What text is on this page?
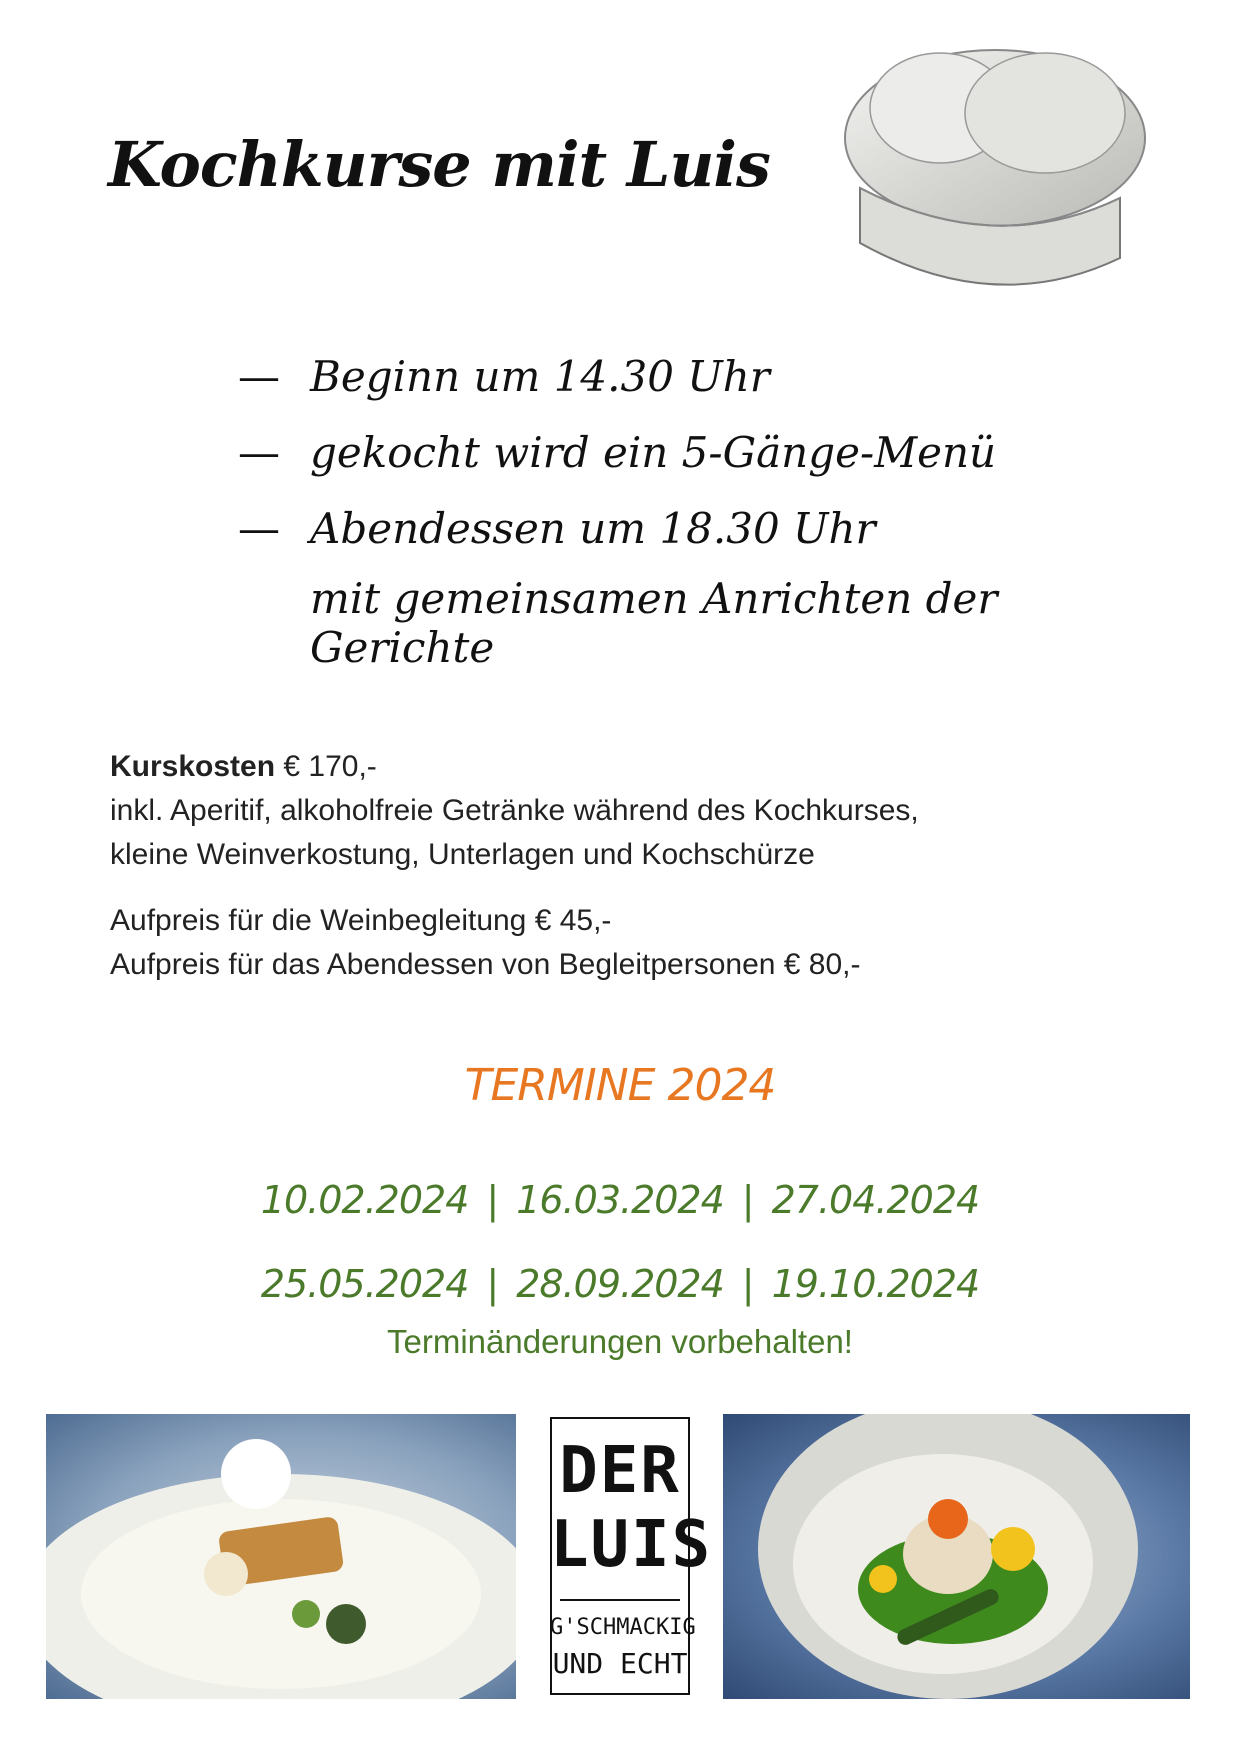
Kochkurse mit Luis
— Beginn um 14.30 Uhr
— gekocht wird ein 5-Gänge-Menü
— Abendessen um 18.30 Uhr
mit gemeinsamen Anrichten der Gerichte
Kurskosten € 170,-
inkl. Aperitif, alkoholfreie Getränke während des Kochkurses,
kleine Weinverkostung, Unterlagen und Kochschürze
Aufpreis für die Weinbegleitung € 45,-
Aufpreis für das Abendessen von Begleitpersonen € 80,-
TERMINE 2024
10.02.2024 | 16.03.2024 | 27.04.2024
25.05.2024 | 28.09.2024 | 19.10.2024
Terminänderungen vorbehalten!
DER
LUIS
G'SCHMACKIG
UND ECHT
